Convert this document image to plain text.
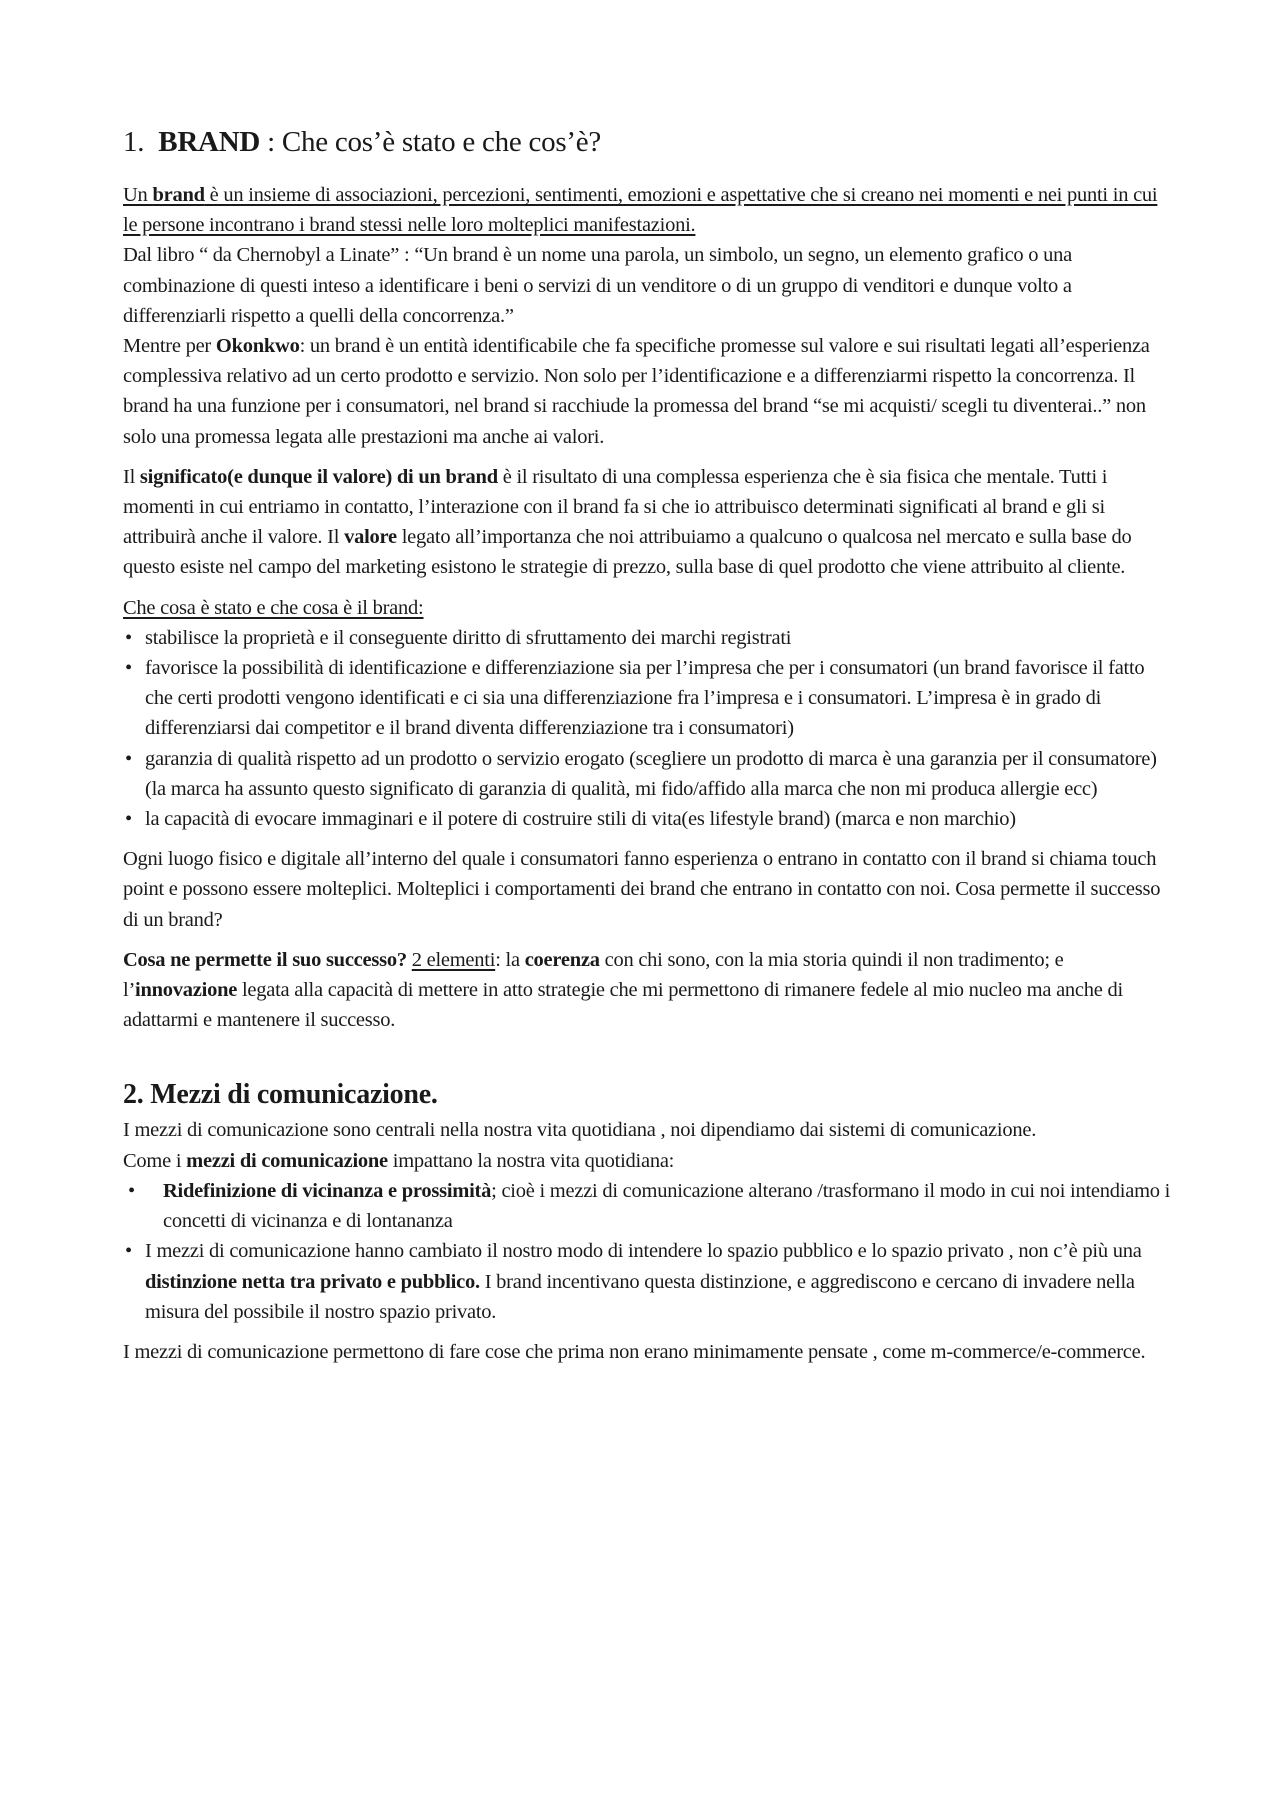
1. BRAND : Che cos’è stato e che cos’è?

Un brand è un insieme di associazioni, percezioni, sentimenti, emozioni e aspettative che si creano nei momenti e nei punti in cui le persone incontrano i brand stessi nelle loro molteplici manifestazioni.

Dal libro “ da Chernobyl a Linate” : “Un brand è un nome una parola, un simbolo, un segno, un elemento grafico o una combinazione di questi inteso a identificare i beni o servizi di un venditore o di un gruppo di venditori e dunque volto a differenziarli rispetto a quelli della concorrenza.”

Mentre per Okonkwo: un brand è un entità identificabile che fa specifiche promesse sul valore e sui risultati legati all’esperienza complessiva relativo ad un certo prodotto e servizio. Non solo per l’identificazione e a differenziarmi rispetto la concorrenza. Il brand ha una funzione per i consumatori, nel brand si racchiude la promessa del brand “se mi acquisti/ scegli tu diventerai..” non solo una promessa legata alle prestazioni ma anche ai valori.

Il significato(e dunque il valore) di un brand è il risultato di una complessa esperienza che è sia fisica che mentale. Tutti i momenti in cui entriamo in contatto, l’interazione con il brand fa si che io attribuisco determinati significati al brand e gli si attribuirà anche il valore. Il valore legato all’importanza che noi attribuiamo a qualcuno o qualcosa nel mercato e sulla base do questo esiste nel campo del marketing esistono le strategie di prezzo, sulla base di quel prodotto che viene attribuito al cliente.

Che cosa è stato e che cosa è il brand:

• stabilisce la proprietà e il conseguente diritto di sfruttamento dei marchi registrati
• favorisce la possibilità di identificazione e differenziazione sia per l’impresa che per i consumatori (un brand favorisce il fatto che certi prodotti vengono identificati e ci sia una differenziazione fra l’impresa e i consumatori. L’impresa è in grado di differenziarsi dai competitor e il brand diventa differenziazione tra i consumatori)
• garanzia di qualità rispetto ad un prodotto o servizio erogato (scegliere un prodotto di marca è una garanzia per il consumatore) (la marca ha assunto questo significato di garanzia di qualità, mi fido/affido alla marca che non mi produca allergie ecc)
• la capacità di evocare immaginari e il potere di costruire stili di vita(es lifestyle brand) (marca e non marchio)

Ogni luogo fisico e digitale all’interno del quale i consumatori fanno esperienza o entrano in contatto con il brand si chiama touch point e possono essere molteplici. Molteplici i comportamenti dei brand che entrano in contatto con noi. Cosa permette il successo di un brand?

Cosa ne permette il suo successo? 2 elementi: la coerenza con chi sono, con la mia storia quindi il non tradimento; e l’innovazione legata alla capacità di mettere in atto strategie che mi permettono di rimanere fedele al mio nucleo ma anche di adattarmi e mantenere il successo.

2. Mezzi di comunicazione.

I mezzi di comunicazione sono centrali nella nostra vita quotidiana , noi dipendiamo dai sistemi di comunicazione.

Come i mezzi di comunicazione impattano la nostra vita quotidiana:

• Ridefinizione di vicinanza e prossimità; cioè i mezzi di comunicazione alterano /trasformano il modo in cui noi intendiamo i concetti di vicinanza e di lontananza
• I mezzi di comunicazione hanno cambiato il nostro modo di intendere lo spazio pubblico e lo spazio privato , non c’è più una distinzione netta tra privato e pubblico. I brand incentivano questa distinzione, e aggrediscono e cercano di invadere nella misura del possibile il nostro spazio privato.

I mezzi di comunicazione permettono di fare cose che prima non erano minimamente pensate , come m-commerce/e-commerce.
